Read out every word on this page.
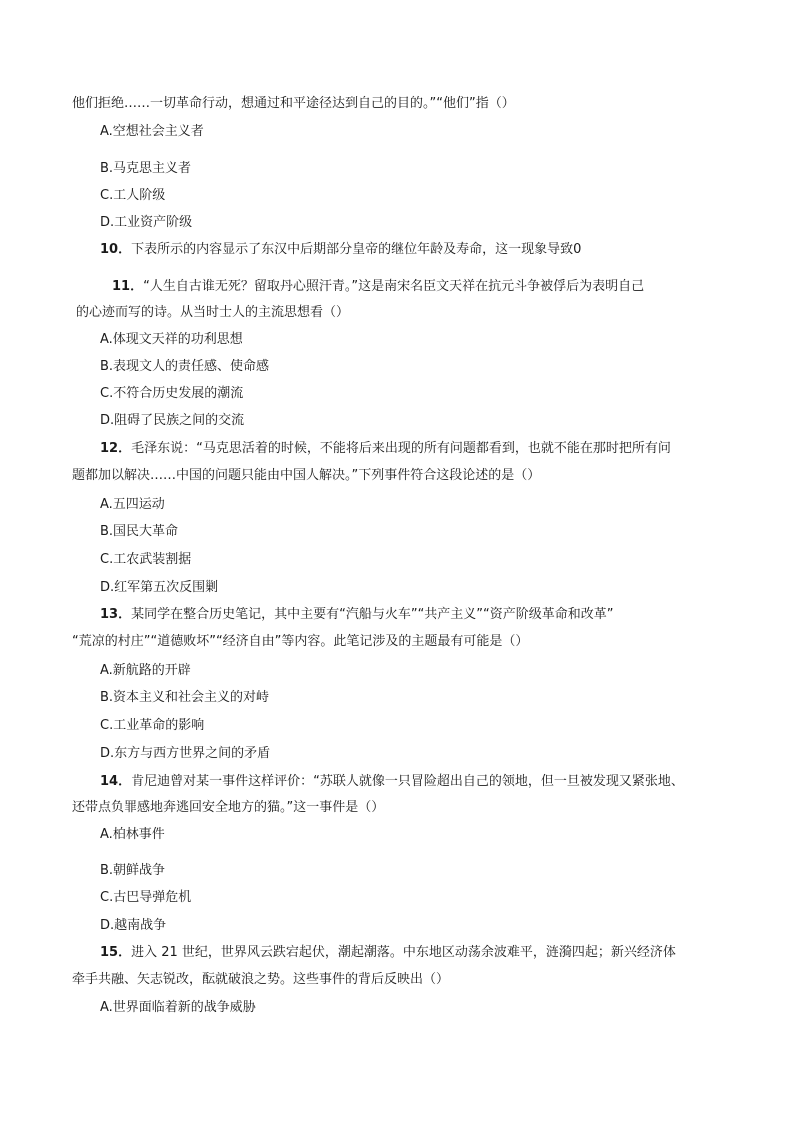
他们拒绝……一切革命行动，想通过和平途径达到自己的目的。”“他们”指（）
A.空想社会主义者
B.马克思主义者
C.工人阶级
D.工业资产阶级
10．下表所示的内容显示了东汉中后期部分皇帝的继位年龄及寿命，这一现象导致0
11．“人生自古谁无死？留取丹心照汗青。”这是南宋名臣文天祥在抗元斗争被俘后为表明自己
的心迹而写的诗。从当时士人的主流思想看（）
A.体现文天祥的功利思想
B.表现文人的责任感、使命感
C.不符合历史发展的潮流
D.阻碍了民族之间的交流
12．毛泽东说：“马克思活着的时候，不能将后来出现的所有问题都看到，也就不能在那时把所有问
题都加以解决……中国的问题只能由中国人解决。”下列事件符合这段论述的是（）
A.五四运动
B.国民大革命
C.工农武装割据
D.红军第五次反围剿
13．某同学在整合历史笔记，其中主要有“汽船与火车”“共产主义”“资产阶级革命和改革”
“荒凉的村庄”“道德败坏”“经济自由”等内容。此笔记涉及的主题最有可能是（）
A.新航路的开辟
B.资本主义和社会主义的对峙
C.工业革命的影响
D.东方与西方世界之间的矛盾
14．肯尼迪曾对某一事件这样评价：“苏联人就像一只冒险超出自己的领地，但一旦被发现又紧张地、
还带点负罪感地奔逃回安全地方的猫。”这一事件是（）
A.柏林事件
B.朝鲜战争
C.古巴导弹危机
D.越南战争
15．进入 21 世纪，世界风云跌宕起伏，潮起潮落。中东地区动荡余波难平，涟漪四起；新兴经济体
牵手共融、矢志锐改，酝就破浪之势。这些事件的背后反映出（）
A.世界面临着新的战争威胁
